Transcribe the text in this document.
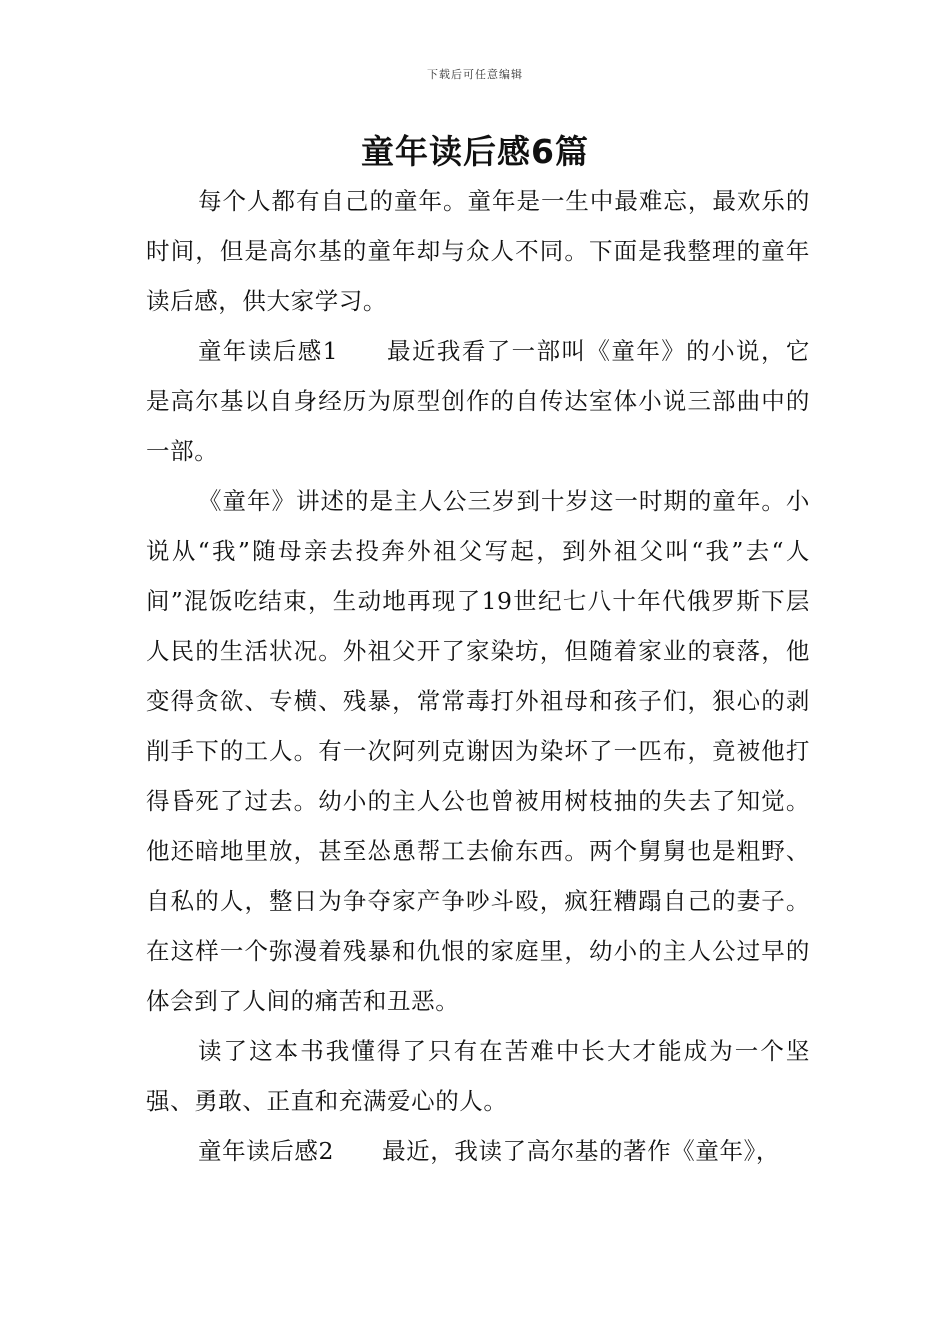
下载后可任意编辑
童年读后感6篇

每个人都有自己的童年。童年是一生中最难忘，最欢乐的时间，但是高尔基的童年却与众人不同。下面是我整理的童年读后感，供大家学习。

童年读后感1 最近我看了一部叫《童年》的小说，它是高尔基以自身经历为原型创作的自传达室体小说三部曲中的一部。

《童年》讲述的是主人公三岁到十岁这一时期的童年。小说从“我”随母亲去投奔外祖父写起，到外祖父叫“我”去“人间”混饭吃结束，生动地再现了19世纪七八十年代俄罗斯下层人民的生活状况。外祖父开了家染坊，但随着家业的衰落，他变得贪欲、专横、残暴，常常毒打外祖母和孩子们，狠心的剥削手下的工人。有一次阿列克谢因为染坏了一匹布，竟被他打得昏死了过去。幼小的主人公也曾被用树枝抽的失去了知觉。他还暗地里放，甚至怂恿帮工去偷东西。两个舅舅也是粗野、自私的人，整日为争夺家产争吵斗殴，疯狂糟蹋自己的妻子。在这样一个弥漫着残暴和仇恨的家庭里，幼小的主人公过早的体会到了人间的痛苦和丑恶。

读了这本书我懂得了只有在苦难中长大才能成为一个坚强、勇敢、正直和充满爱心的人。

童年读后感2 最近，我读了高尔基的著作《童年》，
